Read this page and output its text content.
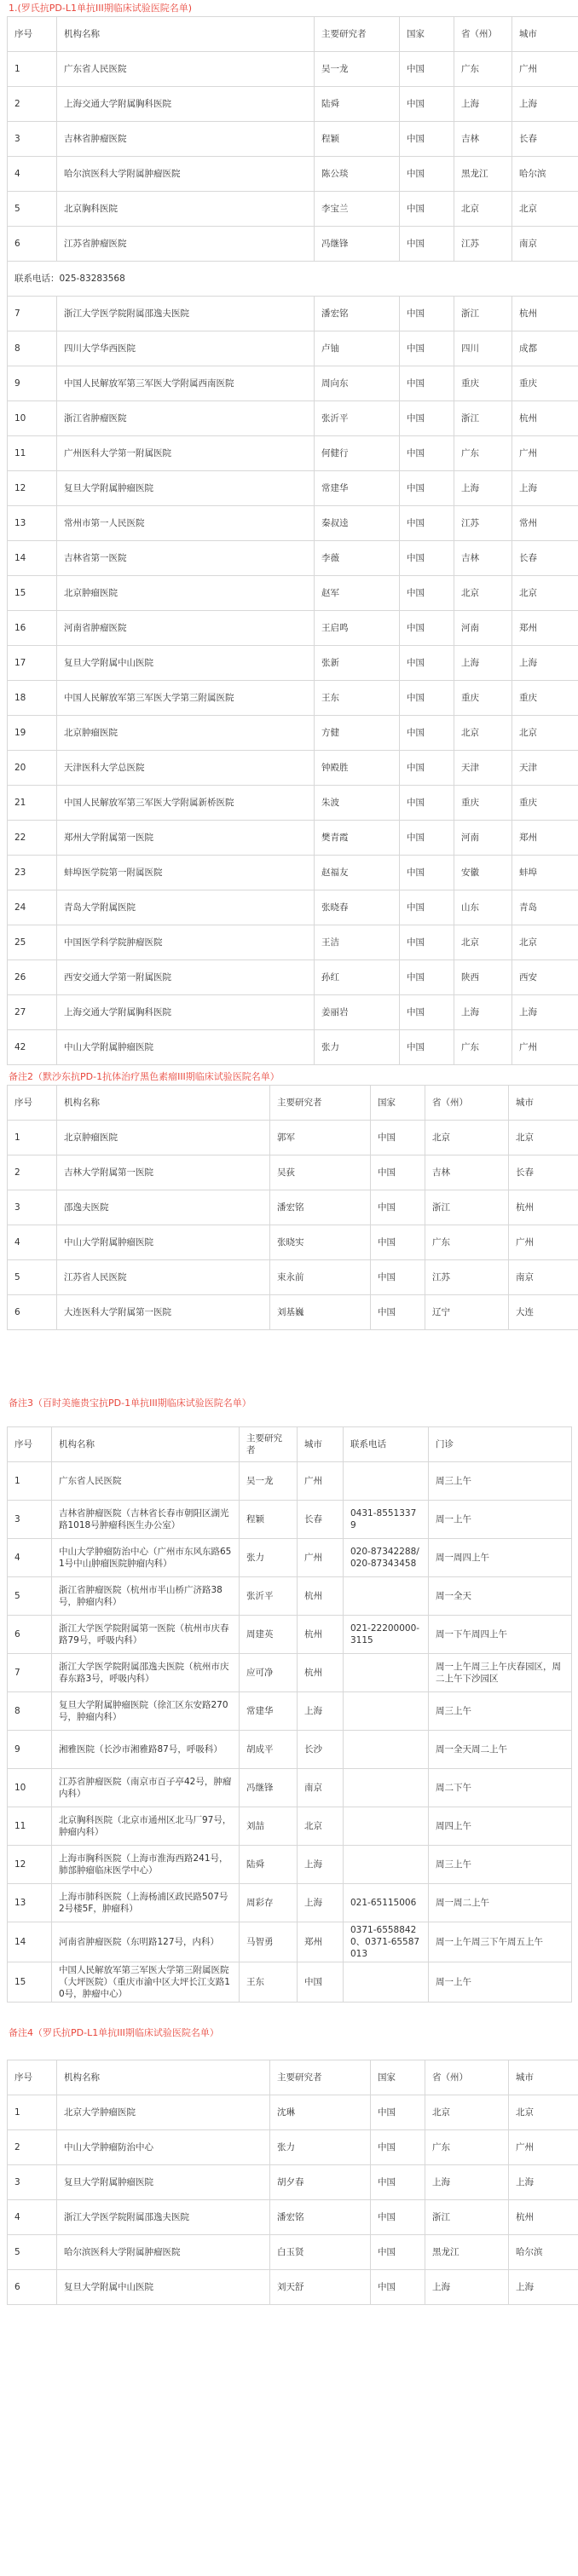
1.(罗氏抗PD-L1单抗III期临床试验医院名单)
序号	机构名称	主要研究者	国家	省（州）	城市
1	广东省人民医院	吴一龙	中国	广东	广州
2	上海交通大学附属胸科医院	陆舜	中国	上海	上海
3	吉林省肿瘤医院	程颖	中国	吉林	长春
4	哈尔滨医科大学附属肿瘤医院	陈公琰	中国	黑龙江	哈尔滨
5	北京胸科医院	李宝兰	中国	北京	北京
6	江苏省肿瘤医院	冯继锋	中国	江苏	南京
联系电话：025-83283568					
7	浙江大学医学院附属邵逸夫医院	潘宏铭	中国	浙江	杭州
8	四川大学华西医院	卢铀	中国	四川	成都
9	中国人民解放军第三军医大学附属西南医院	周向东	中国	重庆	重庆
10	浙江省肿瘤医院	张沂平	中国	浙江	杭州
11	广州医科大学第一附属医院	何健行	中国	广东	广州
12	复旦大学附属肿瘤医院	常建华	中国	上海	上海
13	常州市第一人民医院	秦叔逵	中国	江苏	常州
14	吉林省第一医院	李薇	中国	吉林	长春
15	北京肿瘤医院	赵军	中国	北京	北京
16	河南省肿瘤医院	王启鸣	中国	河南	郑州
17	复旦大学附属中山医院	张新	中国	上海	上海
18	中国人民解放军第三军医大学第三附属医院	王东	中国	重庆	重庆
19	北京肿瘤医院	方健	中国	北京	北京
20	天津医科大学总医院	钟殿胜	中国	天津	天津
21	中国人民解放军第三军医大学附属新桥医院	朱波	中国	重庆	重庆
22	郑州大学附属第一医院	樊青霞	中国	河南	郑州
23	蚌埠医学院第一附属医院	赵福友	中国	安徽	蚌埠
24	青岛大学附属医院	张晓春	中国	山东	青岛
25	中国医学科学院肿瘤医院	王洁	中国	北京	北京
26	西安交通大学第一附属医院	孙红	中国	陕西	西安
27	上海交通大学附属胸科医院	姜丽岩	中国	上海	上海
42	中山大学附属肿瘤医院	张力	中国	广东	广州
备注2（默沙东抗PD-1抗体治疗黑色素瘤III期临床试验医院名单）
序号	机构名称	主要研究者	国家	省（州）	城市
1	北京肿瘤医院	郭军	中国	北京	北京
2	吉林大学附属第一医院	吴荻	中国	吉林	长春
3	邵逸夫医院	潘宏铭	中国	浙江	杭州
4	中山大学附属肿瘤医院	张晓实	中国	广东	广州
5	江苏省人民医院	束永前	中国	江苏	南京
6	大连医科大学附属第一医院	刘基巍	中国	辽宁	大连
备注3（百时美施贵宝抗PD-1单抗III期临床试验医院名单）
序号	机构名称	主要研究者	城市	联系电话	门诊
1	广东省人民医院	吴一龙	广州		周三上午
3	吉林省肿瘤医院（吉林省长春市朝阳区湖光路1018号肿瘤科医生办公室）	程颖	长春	0431-85513379	周一上午
4	中山大学肿瘤防治中心（广州市东风东路651号中山肿瘤医院肿瘤内科）	张力	广州	020-87342288/020-87343458	周一周四上午
5	浙江省肿瘤医院（杭州市半山桥广济路38号，肿瘤内科）	张沂平	杭州		周一全天
6	浙江大学医学院附属第一医院（杭州市庆春路79号，呼吸内科）	周建英	杭州	021-22200000-3115	周一下午周四上午
7	浙江大学医学院附属邵逸夫医院（杭州市庆春东路3号，呼吸内科）	应可净	杭州		周一上午周三上午庆春园区，周二上午下沙园区
8	复旦大学附属肿瘤医院（徐汇区东安路270号，肿瘤内科）	常建华	上海		周三上午
9	湘雅医院（长沙市湘雅路87号，呼吸科）	胡成平	长沙		周一全天周二上午
10	江苏省肿瘤医院（南京市百子亭42号，肿瘤内科）	冯继锋	南京		周二下午
11	北京胸科医院（北京市通州区北马厂97号，肿瘤内科）	刘喆	北京		周四上午
12	上海市胸科医院（上海市淮海西路241号，肺部肿瘤临床医学中心）	陆舜	上海		周三上午
13	上海市肺科医院（上海杨浦区政民路507号2号楼5F，肿瘤科）	周彩存	上海	021-65115006	周一周二上午
14	河南省肿瘤医院（东明路127号，内科）	马智勇	郑州	0371-65588420、0371-65587013	周一上午周三下午周五上午
15	中国人民解放军第三军医大学第三附属医院（大坪医院）（重庆市渝中区大坪长江支路10号，肿瘤中心）	王东	中国		周一上午
备注4（罗氏抗PD-L1单抗III期临床试验医院名单）
序号	机构名称	主要研究者	国家	省（州）	城市
1	北京大学肿瘤医院	沈琳	中国	北京	北京
2	中山大学肿瘤防治中心	张力	中国	广东	广州
3	复旦大学附属肿瘤医院	胡夕春	中国	上海	上海
4	浙江大学医学院附属邵逸夫医院	潘宏铭	中国	浙江	杭州
5	哈尔滨医科大学附属肿瘤医院	白玉贤	中国	黑龙江	哈尔滨
6	复旦大学附属中山医院	刘天舒	中国	上海	上海
